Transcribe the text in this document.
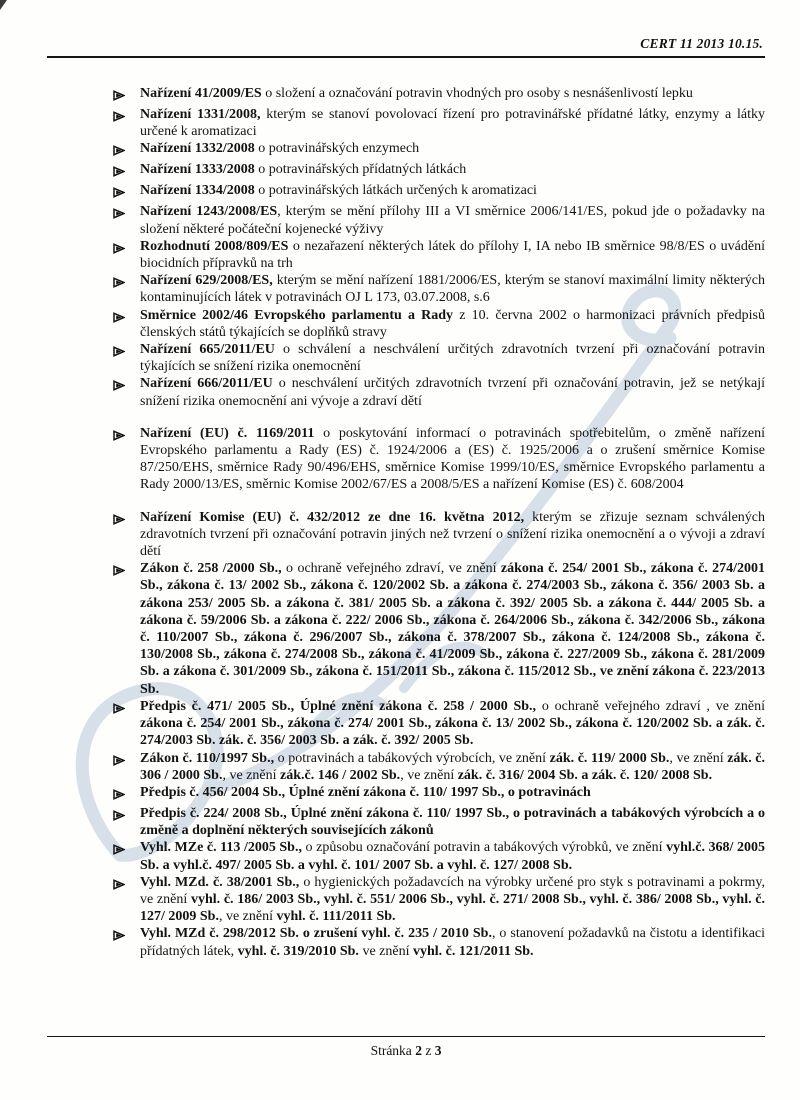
CERT 11 2013 10.15.
Nařízení 41/2009/ES o složení a označování potravin vhodných pro osoby s nesnášenlivostí lepku
Nařízení 1331/2008, kterým se stanoví povolovací řízení pro potravinářské přídatné látky, enzymy a látky určené k aromatizaci
Nařízení 1332/2008 o potravinářských enzymech
Nařízení 1333/2008 o potravinářských přídatných látkách
Nařízení 1334/2008 o potravinářských látkách určených k aromatizaci
Nařízení 1243/2008/ES, kterým se mění přílohy III a VI směrnice 2006/141/ES, pokud jde o požadavky na složení některé počáteční kojenecké výživy
Rozhodnutí 2008/809/ES o nezařazení některých látek do přílohy I, IA nebo IB směrnice 98/8/ES o uvádění biocidních přípravků na trh
Nařízení 629/2008/ES, kterým se mění nařízení 1881/2006/ES, kterým se stanoví maximální limity některých kontaminujících látek v potravinách OJ L 173, 03.07.2008, s.6
Směrnice 2002/46 Evropského parlamentu a Rady z 10. června 2002 o harmonizaci právních předpisů členských států týkajících se doplňků stravy
Nařízení 665/2011/EU o schválení a neschválení určitých zdravotních tvrzení při označování potravin týkajících se snížení rizika onemocnění
Nařízení 666/2011/EU o neschválení určitých zdravotních tvrzení při označování potravin, jež se netýkají snížení rizika onemocnění ani vývoje a zdraví dětí
Nařízení (EU) č. 1169/2011 o poskytování informací o potravinách spotřebitelům, o změně nařízení Evropského parlamentu a Rady (ES) č. 1924/2006 a (ES) č. 1925/2006 a o zrušení směrnice Komise 87/250/EHS, směrnice Rady 90/496/EHS, směrnice Komise 1999/10/ES, směrnice Evropského parlamentu a Rady 2000/13/ES, směrnic Komise 2002/67/ES a 2008/5/ES a nařízení Komise (ES) č. 608/2004
Nařízení Komise (EU) č. 432/2012 ze dne 16. května 2012, kterým se zřizuje seznam schválených zdravotních tvrzení při označování potravin jiných než tvrzení o snížení rizika onemocnění a o vývoji a zdraví dětí
Zákon č. 258 /2000 Sb., o ochraně veřejného zdraví, ve znění zákona č. 254/ 2001 Sb., zákona č. 274/2001 Sb., zákona č. 13/ 2002 Sb., zákona č. 120/2002 Sb. a zákona č. 274/2003 Sb., zákona č. 356/ 2003 Sb. a zákona 253/ 2005 Sb. a zákona č. 381/ 2005 Sb. a zákona č. 392/ 2005 Sb. a zákona č. 444/ 2005 Sb. a zákona č. 59/2006 Sb. a zákona č. 222/ 2006 Sb., zákona č. 264/2006 Sb., zákona č. 342/2006 Sb., zákona č. 110/2007 Sb., zákona č. 296/2007 Sb., zákona č. 378/2007 Sb., zákona č. 124/2008 Sb., zákona č. 130/2008 Sb., zákona č. 274/2008 Sb., zákona č. 41/2009 Sb., zákona č. 227/2009 Sb., zákona č. 281/2009 Sb. a zákona č. 301/2009 Sb., zákona č. 151/2011 Sb., zákona č. 115/2012 Sb., ve znění zákona č. 223/2013 Sb.
Předpis č. 471/ 2005 Sb., Úplné znění zákona č. 258 / 2000 Sb., o ochraně veřejného zdraví , ve znění zákona č. 254/ 2001 Sb., zákona č. 274/ 2001 Sb., zákona č. 13/ 2002 Sb., zákona č. 120/2002 Sb. a zák. č. 274/2003 Sb. zák. č. 356/ 2003 Sb. a zák. č. 392/ 2005 Sb.
Zákon č. 110/1997 Sb., o potravinách a tabákových výrobcích, ve znění zák. č. 119/ 2000 Sb., ve znění zák. č. 306 / 2000 Sb., ve znění zák.č. 146 / 2002 Sb., ve znění zák. č. 316/ 2004 Sb. a zák. č. 120/ 2008 Sb.
Předpis č. 456/ 2004 Sb., Úplné znění zákona č. 110/ 1997 Sb., o potravinách
Předpis č. 224/ 2008 Sb., Úplné znění zákona č. 110/ 1997 Sb., o potravinách a tabákových výrobcích a o změně a doplnění některých souvisejících zákonů
Vyhl. MZe č. 113 /2005 Sb., o způsobu označování potravin a tabákových výrobků, ve znění vyhl.č. 368/ 2005 Sb. a vyhl.č. 497/ 2005 Sb. a vyhl. č. 101/ 2007 Sb. a vyhl. č. 127/ 2008 Sb.
Vyhl. MZd. č. 38/2001 Sb., o hygienických požadavcích na výrobky určené pro styk s potravinami a pokrmy, ve znění vyhl. č. 186/ 2003 Sb., vyhl. č. 551/ 2006 Sb., vyhl. č. 271/ 2008 Sb., vyhl. č. 386/ 2008 Sb., vyhl. č. 127/ 2009 Sb., ve znění vyhl. č. 111/2011 Sb.
Vyhl. MZd č. 298/2012 Sb. o zrušení vyhl. č. 235 / 2010 Sb., o stanovení požadavků na čistotu a identifikaci přídatných látek, vyhl. č. 319/2010 Sb. ve znění vyhl. č. 121/2011 Sb.
Stránka 2 z 3
